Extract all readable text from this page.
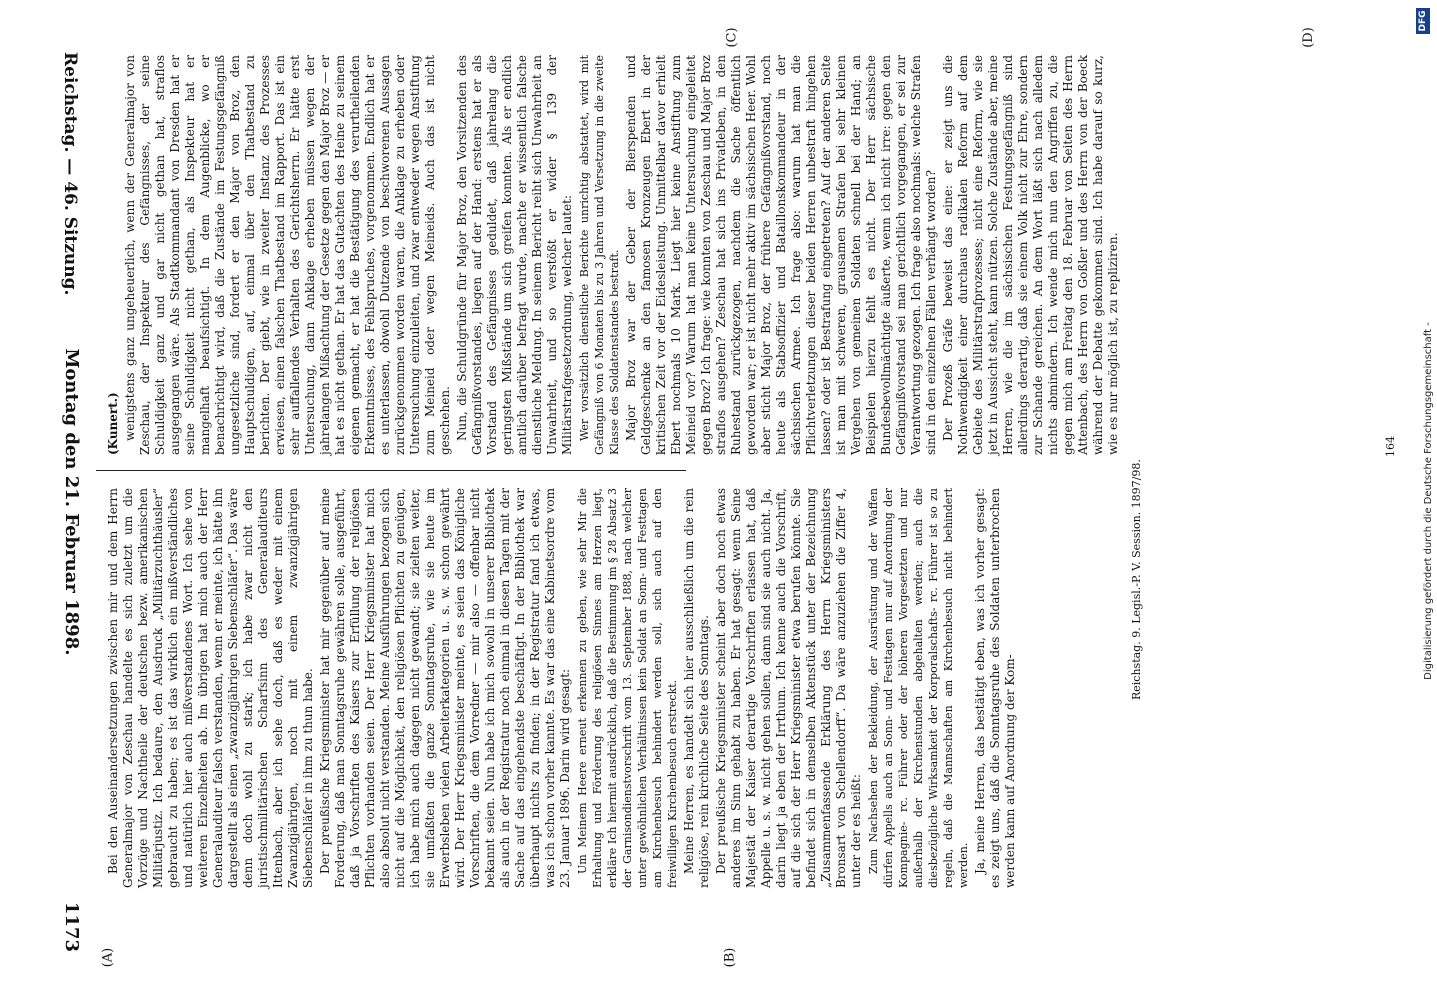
Reichstag. — 46. Sitzung.
Montag den 21. Februar 1898.
1173

(Kunert.) wenigstens ganz ungeheuerlich, wenn der Generalmajor von Zeschau, der Inspekteur des Gefängnisses, der seine Schuldigkeit ganz und gar nicht gethan hat, straflos ausgegangen wäre. Als Stadtkommandant von Dresden hat er seine Schuldigkeit nicht gethan, als Inspekteur hat er mangelhaft beaufsichtigt. In dem Augenblicke, wo er benachrichtigt wird, daß die Zustände im Festungsgefängniß ungesetzliche sind, fordert er den Major von Broz, den Hauptschuldigen, auf, einmal über den Thatbestand zu berichten. Der giebt, wie in zweiter Instanz des Prozesses erwiesen, einen falschen Thatbestand im Rapport. Das ist ein sehr auffallendes Verhalten des Gerichtsherrn. Er hätte erst Untersuchung, dann Anklage erheben müssen wegen der jahrelangen Mißachtung der Gesetze gegen den Major Broz — er hat es nicht gethan. Er hat das Gutachten des Heine zu seinem eigenen gemacht, er hat die Bestätigung des verurtheilenden Erkenntnisses, des Fehlspruches, vorgenommen. Endlich hat er es unterlassen, obwohl Dutzende von beschworenen Aussagen zurückgenommen worden waren, die Anklage zu erheben oder Untersuchung einzuleiten, und zwar entweder wegen Anstiftung zum Meineid oder wegen Meineids. Auch das ist nicht geschehen. Nun, die Schuldgründe für Major Broz, den Vorsitzenden des Gefängnißvorstandes, liegen auf der Hand: erstens hat er als Vorstand des Gefängnisses geduldet, daß jahrelang die geringsten Mißstände um sich greifen konnten. Als er endlich amtlich darüber befragt wurde, machte er wissentlich falsche dienstliche Meldung. In seinem Bericht reiht sich Unwahrheit an Unwahrheit, und so verstößt er wider § 139 der Militärstrafgesetzordnung, welcher lautet: Wer vorsätzlich dienstliche Berichte unrichtig abstattet, wird mit Gefängniß von 6 Monaten bis zu 3 Jahren und Versetzung in die zweite Klasse des Soldatenstandes bestraft. Major Broz war der Geber der Bierspenden und Geldgeschenke an den famosen Kronzeugen Ebert in der kritischen Zeit vor der Eidesleistung. Unmittelbar davor erhielt Ebert nochmals 10 Mark. Liegt hier keine Anstiftung zum Meineid vor? Warum hat man keine Untersuchung eingeleitet gegen Broz? Ich frage: wie konnten von Zeschau und Major Broz straflos ausgehen? Zeschau hat sich ins Privatleben, in den Ruhestand zurückgezogen, nachdem die Sache öffentlich geworden war; er ist nicht mehr aktiv im sächsischen Heer. Wohl aber sticht Major Broz, der frühere Gefängnißvorstand, noch heute als Stabsoffizier und Bataillonskommandeur in der sächsischen Armee. Ich frage also: warum hat man die Pflichtverletzungen dieser beiden Herren unbestraft hingehen lassen? oder ist Bestrafung eingetreten? Auf der anderen Seite ist man mit schweren, grausamen Strafen bei sehr kleinen Vergehen von gemeinen Soldaten schnell bei der Hand; an Beispielen hierzu fehlt es nicht. Der Herr sächsische Bundesbevollmächtigte äußerte, wenn ich nicht irre: gegen den Gefängnißvorstand sei man gerichtlich vorgegangen, er sei zur Verantwortung gezogen. Ich frage also nochmals: welche Strafen sind in den einzelnen Fällen verhängt worden? Der Prozeß Gräfe beweist das eine: er zeigt uns die Nothwendigkeit einer durchaus radikalen Reform auf dem Gebiete des Militärstrafprozesses; nicht eine Reform, wie sie jetzt in Aussicht steht, kann nützen. Solche Zustände aber, meine Herren, wie die im sächsischen Festungsgefängniß sind allerdings derartig, daß sie einem Volk nicht zur Ehre, sondern zur Schande gereichen. An dem Wort läßt sich nach alledem nichts abmindern. Ich wende mich nun den Angriffen zu, die gegen mich am Freitag den 18. Februar von Seiten des Herrn Attenbach, des Herrn von Goßler und des Herrn von der Boeck während der Debatte gekommen sind. Ich habe darauf so kurz, wie es nur möglich ist, zu repliziren.

Bei den Auseinandersetzungen zwischen mir und dem Herrn Generalmajor von Zeschau handelte es sich zuletzt um die Vorzüge und Nachtheile der deutschen bezw. amerikanischen Militärjustiz. Ich bedaure, den Ausdruck „Militärzuchthäusler“ gebraucht zu haben; es ist das wirklich ein mißverständliches und natürlich hier auch mißverstandenes Wort. Ich sehe von weiteren Einzelheiten ab. Im übrigen hat mich auch der Herr Generalauditeur falsch verstanden, wenn er meinte, ich hätte ihn dargestellt als einen „zwanzigjährigen Siebenschläfer“. Das wäre denn doch wohl zu stark; ich habe zwar nicht den juristischmilitärischen Scharfsinn des Generalauditeurs Ittenbach, aber ich sehe doch, daß es weder mit einem Zwanzigjährigen, noch mit einem zwanzigjährigen Siebenschläfer in ihm zu thun habe. Der preußische Kriegsminister hat mir gegenüber auf meine Forderung, daß man Sonntagsruhe gewähren solle, ausgeführt, daß ja Vorschriften des Kaisers zur Erfüllung der religiösen Pflichten vorhanden seien. Der Herr Kriegsminister hat mich also absolut nicht verstanden. Meine Ausführungen bezogen sich nicht auf die Möglichkeit, den religiösen Pflichten zu genügen, ich habe mich auch dagegen nicht gewandt; sie zielten weiter, sie umfaßten die ganze Sonntagsruhe, wie sie heute im Erwerbsleben vielen Arbeiterkategorien u. s. w. schon gewährt wird. Der Herr Kriegsminister meinte, es seien das Königliche Vorschriften, die dem Vorredner — mir also — offenbar nicht bekannt seien. Nun habe ich mich sowohl in unserer Bibliothek als auch in der Registratur noch einmal in diesen Tagen mit der Sache auf das eingehendste beschäftigt. In der Bibliothek war überhaupt nichts zu finden; in der Registratur fand ich etwas, was ich schon vorher kannte. Es war das eine Kabinetsordre vom 23. Januar 1896. Darin wird gesagt: Um Meinem Heere erneut erkennen zu geben, wie sehr Mir die Erhaltung und Förderung des religiösen Sinnes am Herzen liegt, erkläre Ich hiermit ausdrücklich, daß die Bestimmung im § 28 Absatz 3 der Garnisondienstvorschrift vom 13. September 1888, nach welcher unter gewöhnlichen Verhältnissen kein Soldat an Sonn- und Festtagen am Kirchenbesuch behindert werden soll, sich auch auf den freiwilligen Kirchenbesuch erstreckt. Meine Herren, es handelt sich hier ausschließlich um die rein religiöse, rein kirchliche Seite des Sonntags. Der preußische Kriegsminister scheint aber doch noch etwas anderes im Sinn gehabt zu haben. Er hat gesagt: wenn Seine Majestät der Kaiser derartige Vorschriften erlassen hat, daß Appelle u. s. w. nicht gehen sollen, dann sind sie auch nicht. Ja, darin liegt ja eben der Irrthum. Ich kenne auch die Vorschrift, auf die sich der Herr Kriegsminister etwa berufen könnte. Sie befindet sich in demselben Aktenstück unter der Bezeichnung „Zusammenfassende Erklärung des Herrn Kriegsministers Bronsart von Schellendorff“. Da wäre anzuziehen die Ziffer 4, unter der es heißt: Zum Nachsehen der Bekleidung, der Ausrüstung und der Waffen dürfen Appells auch an Sonn- und Festtagen nur auf Anordnung der Kompagnie- rc. Führer oder der höheren Vorgesetzten und nur außerhalb der Kirchenstunden abgehalten werden; auch die diesbezügliche Wirksamkeit der Korporalschafts- rc. Führer ist so zu regeln, daß die Mannschaften am Kirchenbesuch nicht behindert werden. Ja, meine Herren, das bestätigt eben, was ich vorher gesagt: es zeigt uns, daß die Sonntagsruhe des Soldaten unterbrochen werden kann auf Anordnung der Kom-

(A)	(B)
(C)	(D)
Reichstag. 9. Legisl.-P. V. Session. 1897/98.
164
DFG
Digitalisierung gefördert durch die Deutsche Forschungsgemeinschaft -
